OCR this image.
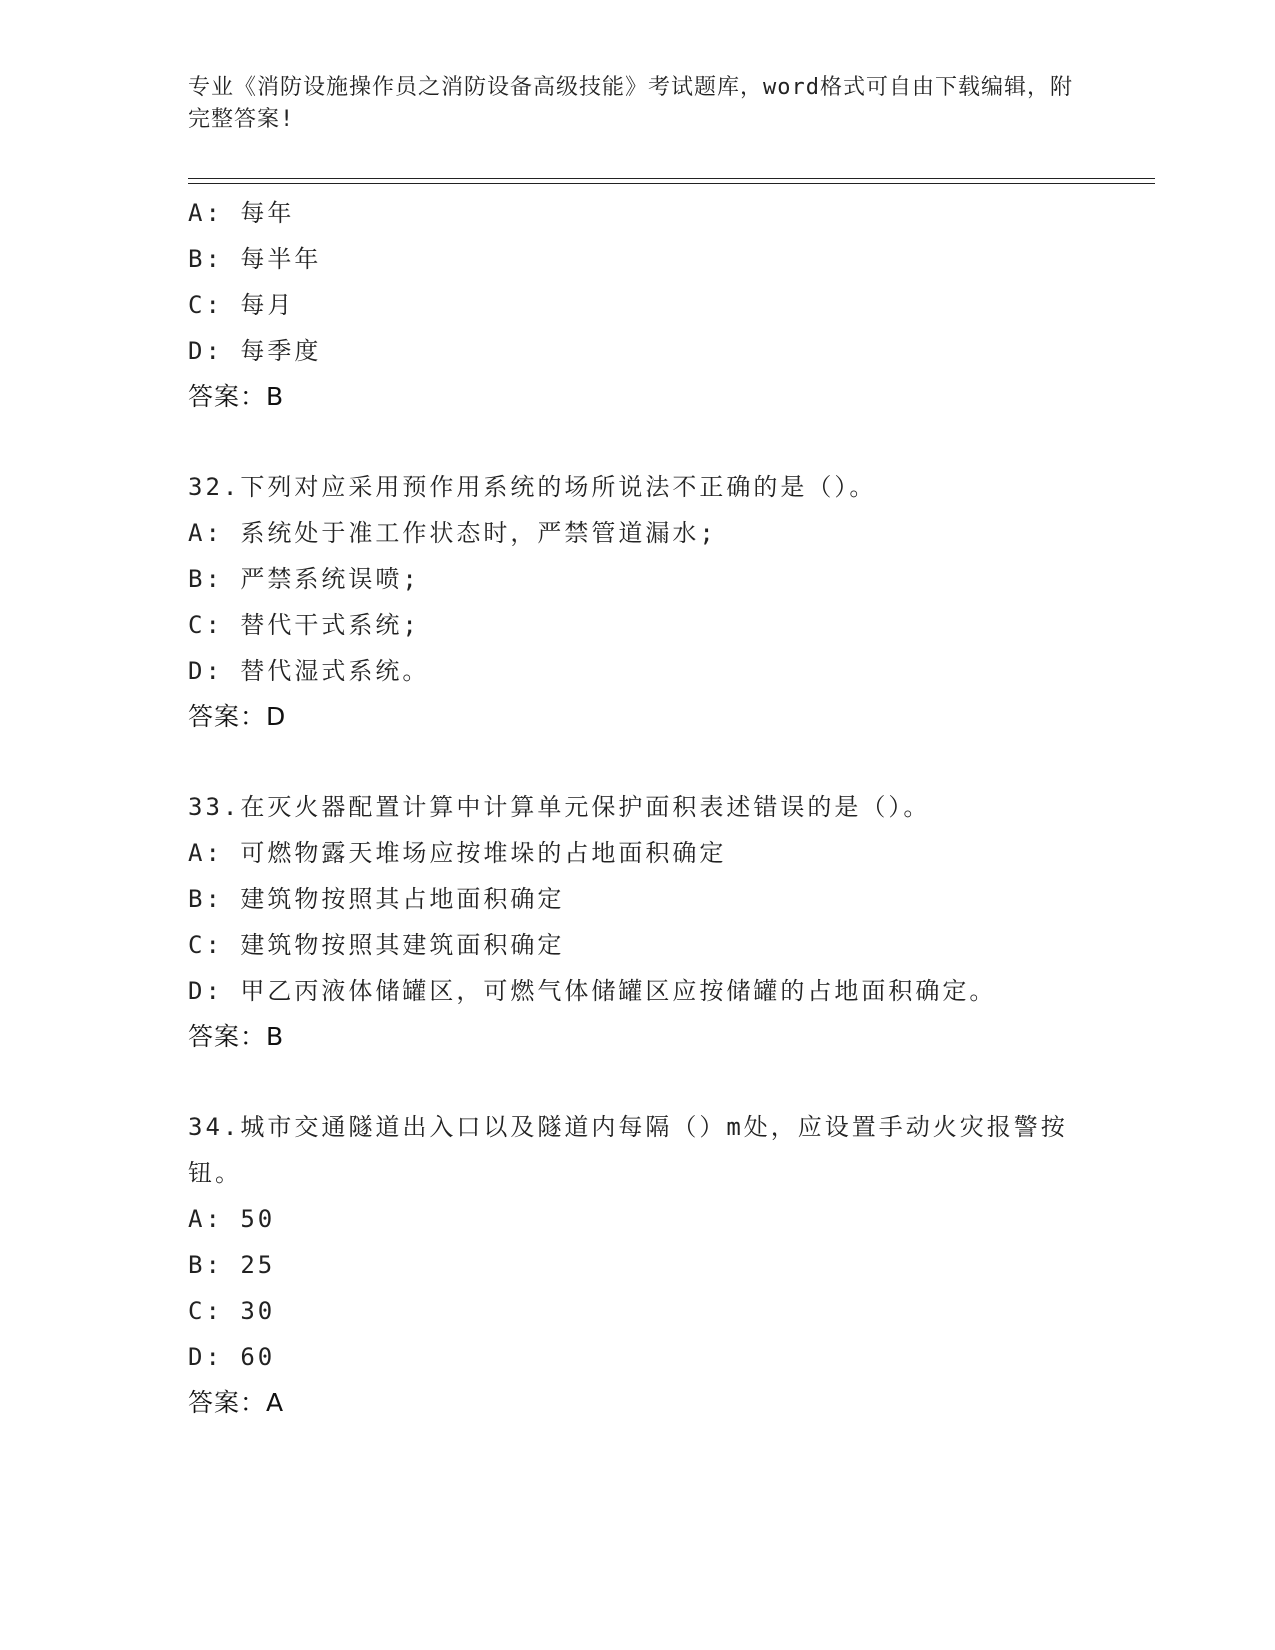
专业《消防设施操作员之消防设备高级技能》考试题库，word格式可自由下载编辑，附完整答案!
A: 每年
B: 每半年
C: 每月
D: 每季度
答案：B
32.下列对应采用预作用系统的场所说法不正确的是（）。
A: 系统处于准工作状态时，严禁管道漏水;
B: 严禁系统误喷;
C: 替代干式系统;
D: 替代湿式系统。
答案：D
33.在灭火器配置计算中计算单元保护面积表述错误的是（）。
A: 可燃物露天堆场应按堆垛的占地面积确定
B: 建筑物按照其占地面积确定
C: 建筑物按照其建筑面积确定
D: 甲乙丙液体储罐区，可燃气体储罐区应按储罐的占地面积确定。
答案：B
34.城市交通隧道出入口以及隧道内每隔（）m处，应设置手动火灾报警按钮。
A: 50
B: 25
C: 30
D: 60
答案：A
